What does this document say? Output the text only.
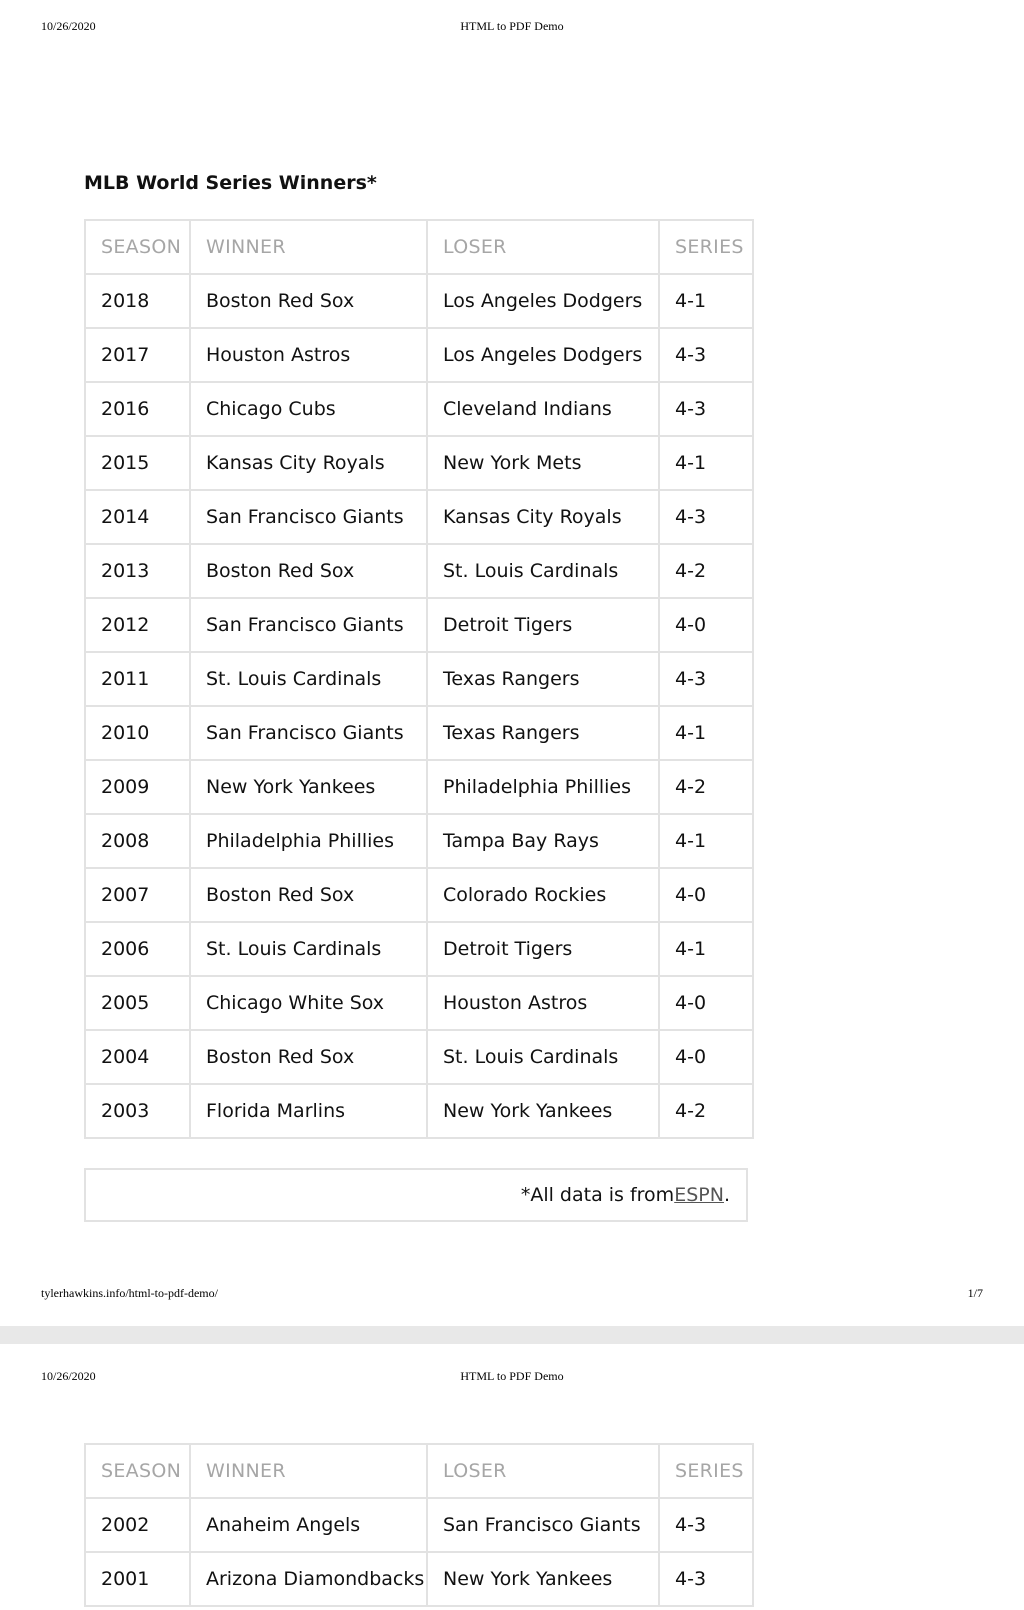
10/26/2020	HTML to PDF Demo
MLB World Series Winners*
SEASON	WINNER	LOSER	SERIES
2018	Boston Red Sox	Los Angeles Dodgers	4-1
2017	Houston Astros	Los Angeles Dodgers	4-3
2016	Chicago Cubs	Cleveland Indians	4-3
2015	Kansas City Royals	New York Mets	4-1
2014	San Francisco Giants	Kansas City Royals	4-3
2013	Boston Red Sox	St. Louis Cardinals	4-2
2012	San Francisco Giants	Detroit Tigers	4-0
2011	St. Louis Cardinals	Texas Rangers	4-3
2010	San Francisco Giants	Texas Rangers	4-1
2009	New York Yankees	Philadelphia Phillies	4-2
2008	Philadelphia Phillies	Tampa Bay Rays	4-1
2007	Boston Red Sox	Colorado Rockies	4-0
2006	St. Louis Cardinals	Detroit Tigers	4-1
2005	Chicago White Sox	Houston Astros	4-0
2004	Boston Red Sox	St. Louis Cardinals	4-0
2003	Florida Marlins	New York Yankees	4-2
*All data is from ESPN .
tylerhawkins.info/html-to-pdf-demo/	1/7
10/26/2020	HTML to PDF Demo
SEASON	WINNER	LOSER	SERIES
2002	Anaheim Angels	San Francisco Giants	4-3
2001	Arizona Diamondbacks	New York Yankees	4-3
